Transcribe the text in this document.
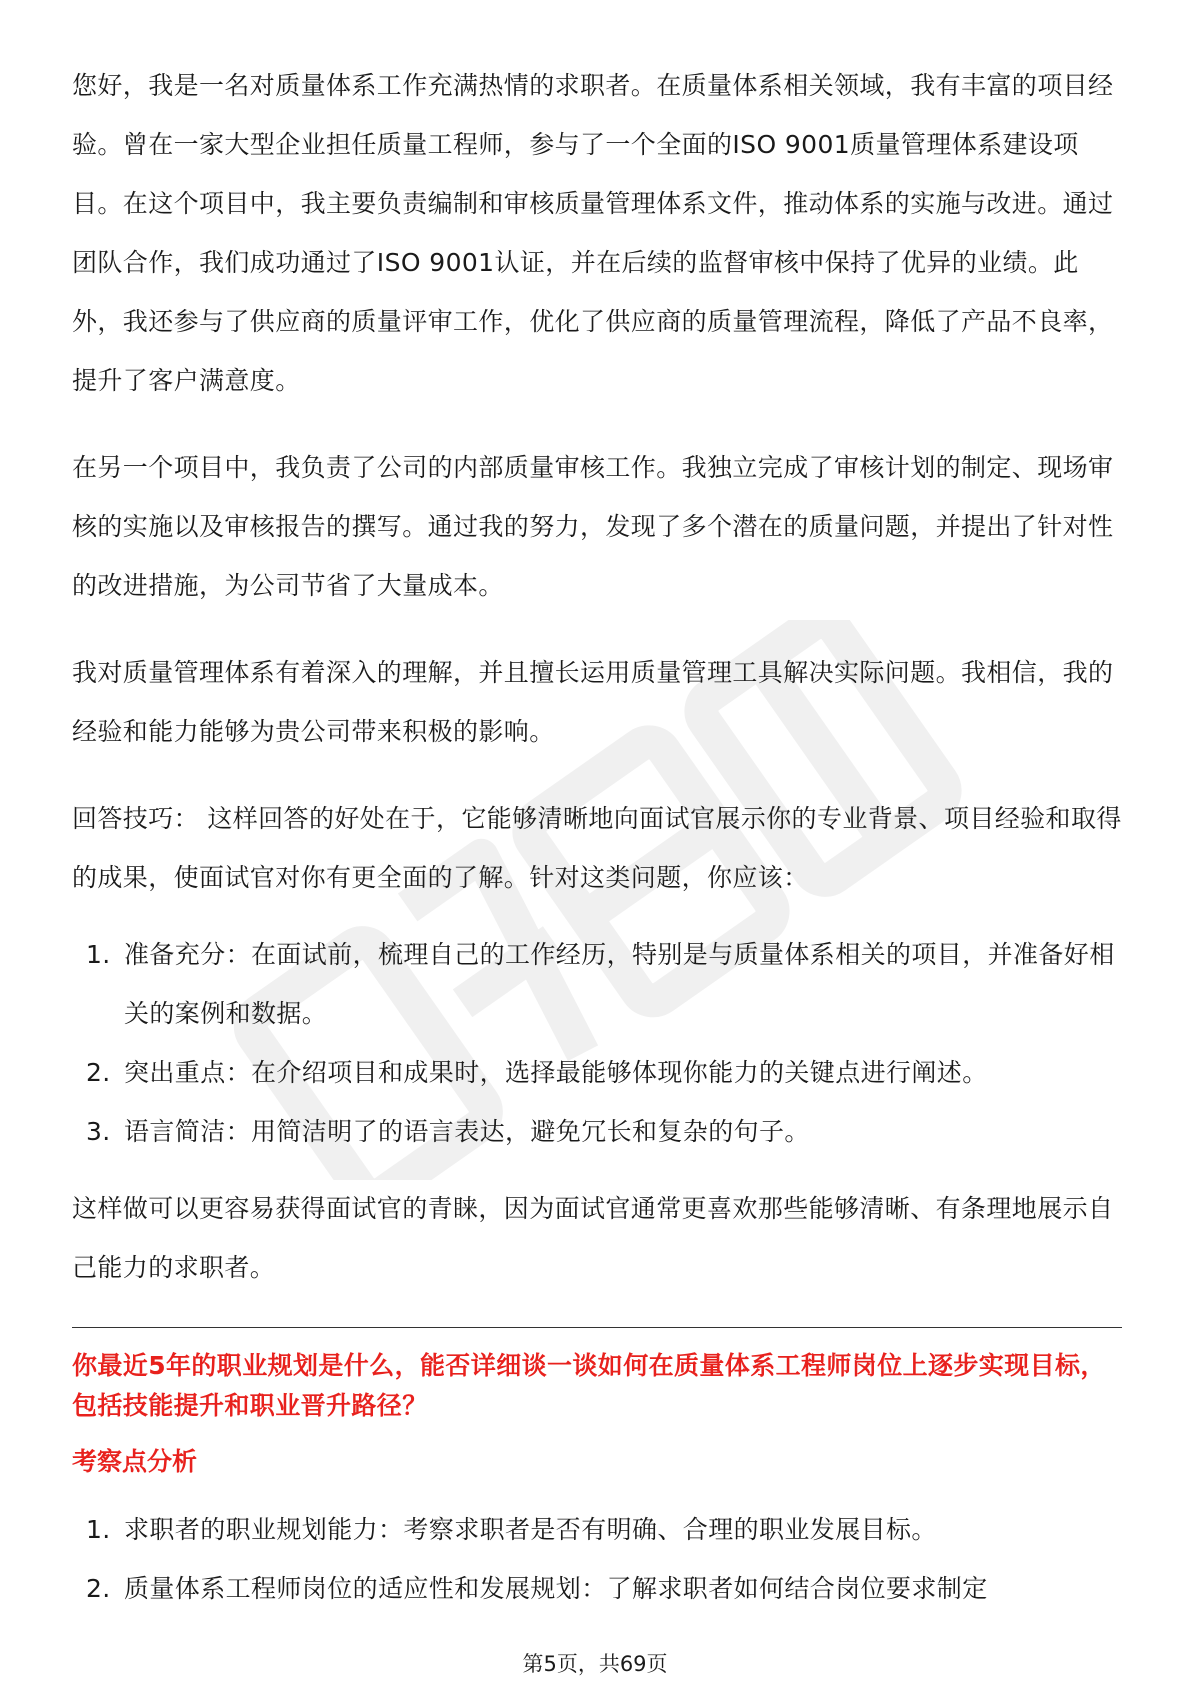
您好，我是一名对质量体系工作充满热情的求职者。在质量体系相关领域，我有丰富的项目经验。曾在一家大型企业担任质量工程师，参与了一个全面的ISO 9001质量管理体系建设项目。在这个项目中，我主要负责编制和审核质量管理体系文件，推动体系的实施与改进。通过团队合作，我们成功通过了ISO 9001认证，并在后续的监督审核中保持了优异的业绩。此外，我还参与了供应商的质量评审工作，优化了供应商的质量管理流程，降低了产品不良率，提升了客户满意度。

在另一个项目中，我负责了公司的内部质量审核工作。我独立完成了审核计划的制定、现场审核的实施以及审核报告的撰写。通过我的努力，发现了多个潜在的质量问题，并提出了针对性的改进措施，为公司节省了大量成本。

我对质量管理体系有着深入的理解，并且擅长运用质量管理工具解决实际问题。我相信，我的经验和能力能够为贵公司带来积极的影响。

回答技巧： 这样回答的好处在于，它能够清晰地向面试官展示你的专业背景、项目经验和取得的成果，使面试官对你有更全面的了解。针对这类问题，你应该：

1. 准备充分：在面试前，梳理自己的工作经历，特别是与质量体系相关的项目，并准备好相关的案例和数据。
2. 突出重点：在介绍项目和成果时，选择最能够体现你能力的关键点进行阐述。
3. 语言简洁：用简洁明了的语言表达，避免冗长和复杂的句子。

这样做可以更容易获得面试官的青睐，因为面试官通常更喜欢那些能够清晰、有条理地展示自己能力的求职者。

你最近5年的职业规划是什么，能否详细谈一谈如何在质量体系工程师岗位上逐步实现目标，包括技能提升和职业晋升路径？
考察点分析
1. 求职者的职业规划能力：考察求职者是否有明确、合理的职业发展目标。
2. 质量体系工程师岗位的适应性和发展规划：了解求职者如何结合岗位要求制定
第5页，共69页
